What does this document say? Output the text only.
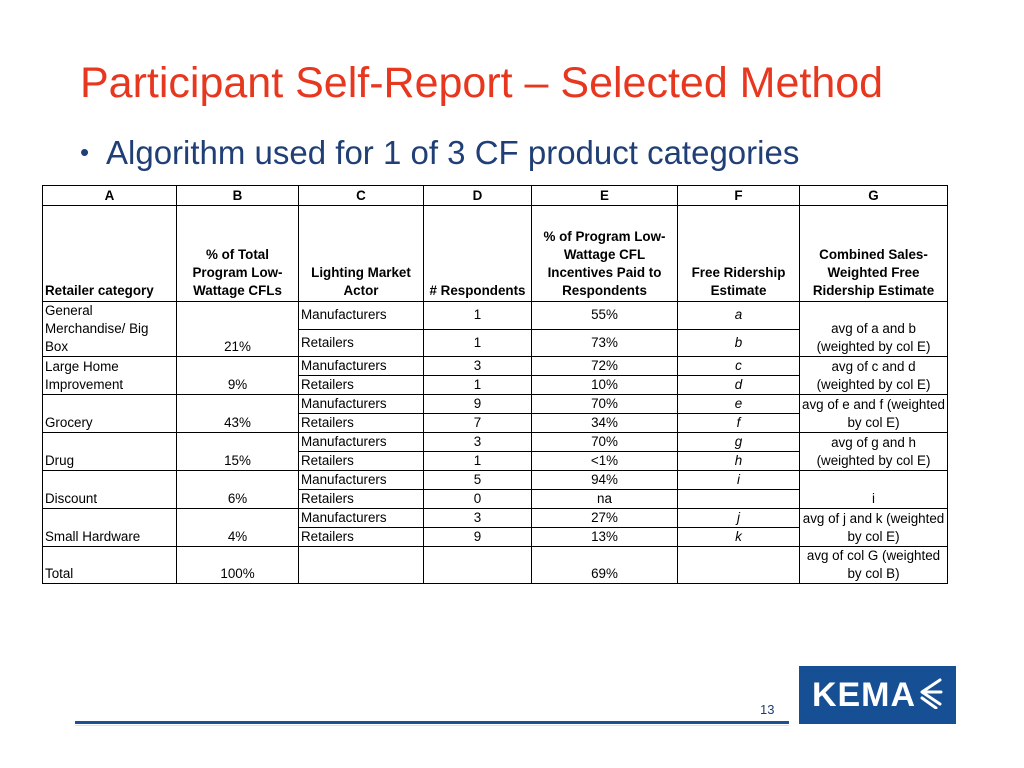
Participant Self-Report – Selected Method
• Algorithm used for 1 of 3 CF product categories
A	B	C	D	E	F	G
Retailer category	% of Total Program Low-Wattage CFLs	Lighting Market Actor	# Respondents	% of Program Low-Wattage CFL Incentives Paid to Respondents	Free Ridership Estimate	Combined Sales-Weighted Free Ridership Estimate
General Merchandise/ Big Box	21%	Manufacturers	1	55%	a	avg of a and b (weighted by col E)
		Retailers	1	73%	b	
Large Home Improvement	9%	Manufacturers	3	72%	c	avg of c and d (weighted by col E)
		Retailers	1	10%	d	
Grocery	43%	Manufacturers	9	70%	e	avg of e and f (weighted by col E)
		Retailers	7	34%	f	
Drug	15%	Manufacturers	3	70%	g	avg of g and h (weighted by col E)
		Retailers	1	<1%	h	
Discount	6%	Manufacturers	5	94%	i	i
		Retailers	0	na		
Small Hardware	4%	Manufacturers	3	27%	j	avg of j and k (weighted by col E)
		Retailers	9	13%	k	
Total	100%			69%		avg of col G (weighted by col B)
13 KEMA
